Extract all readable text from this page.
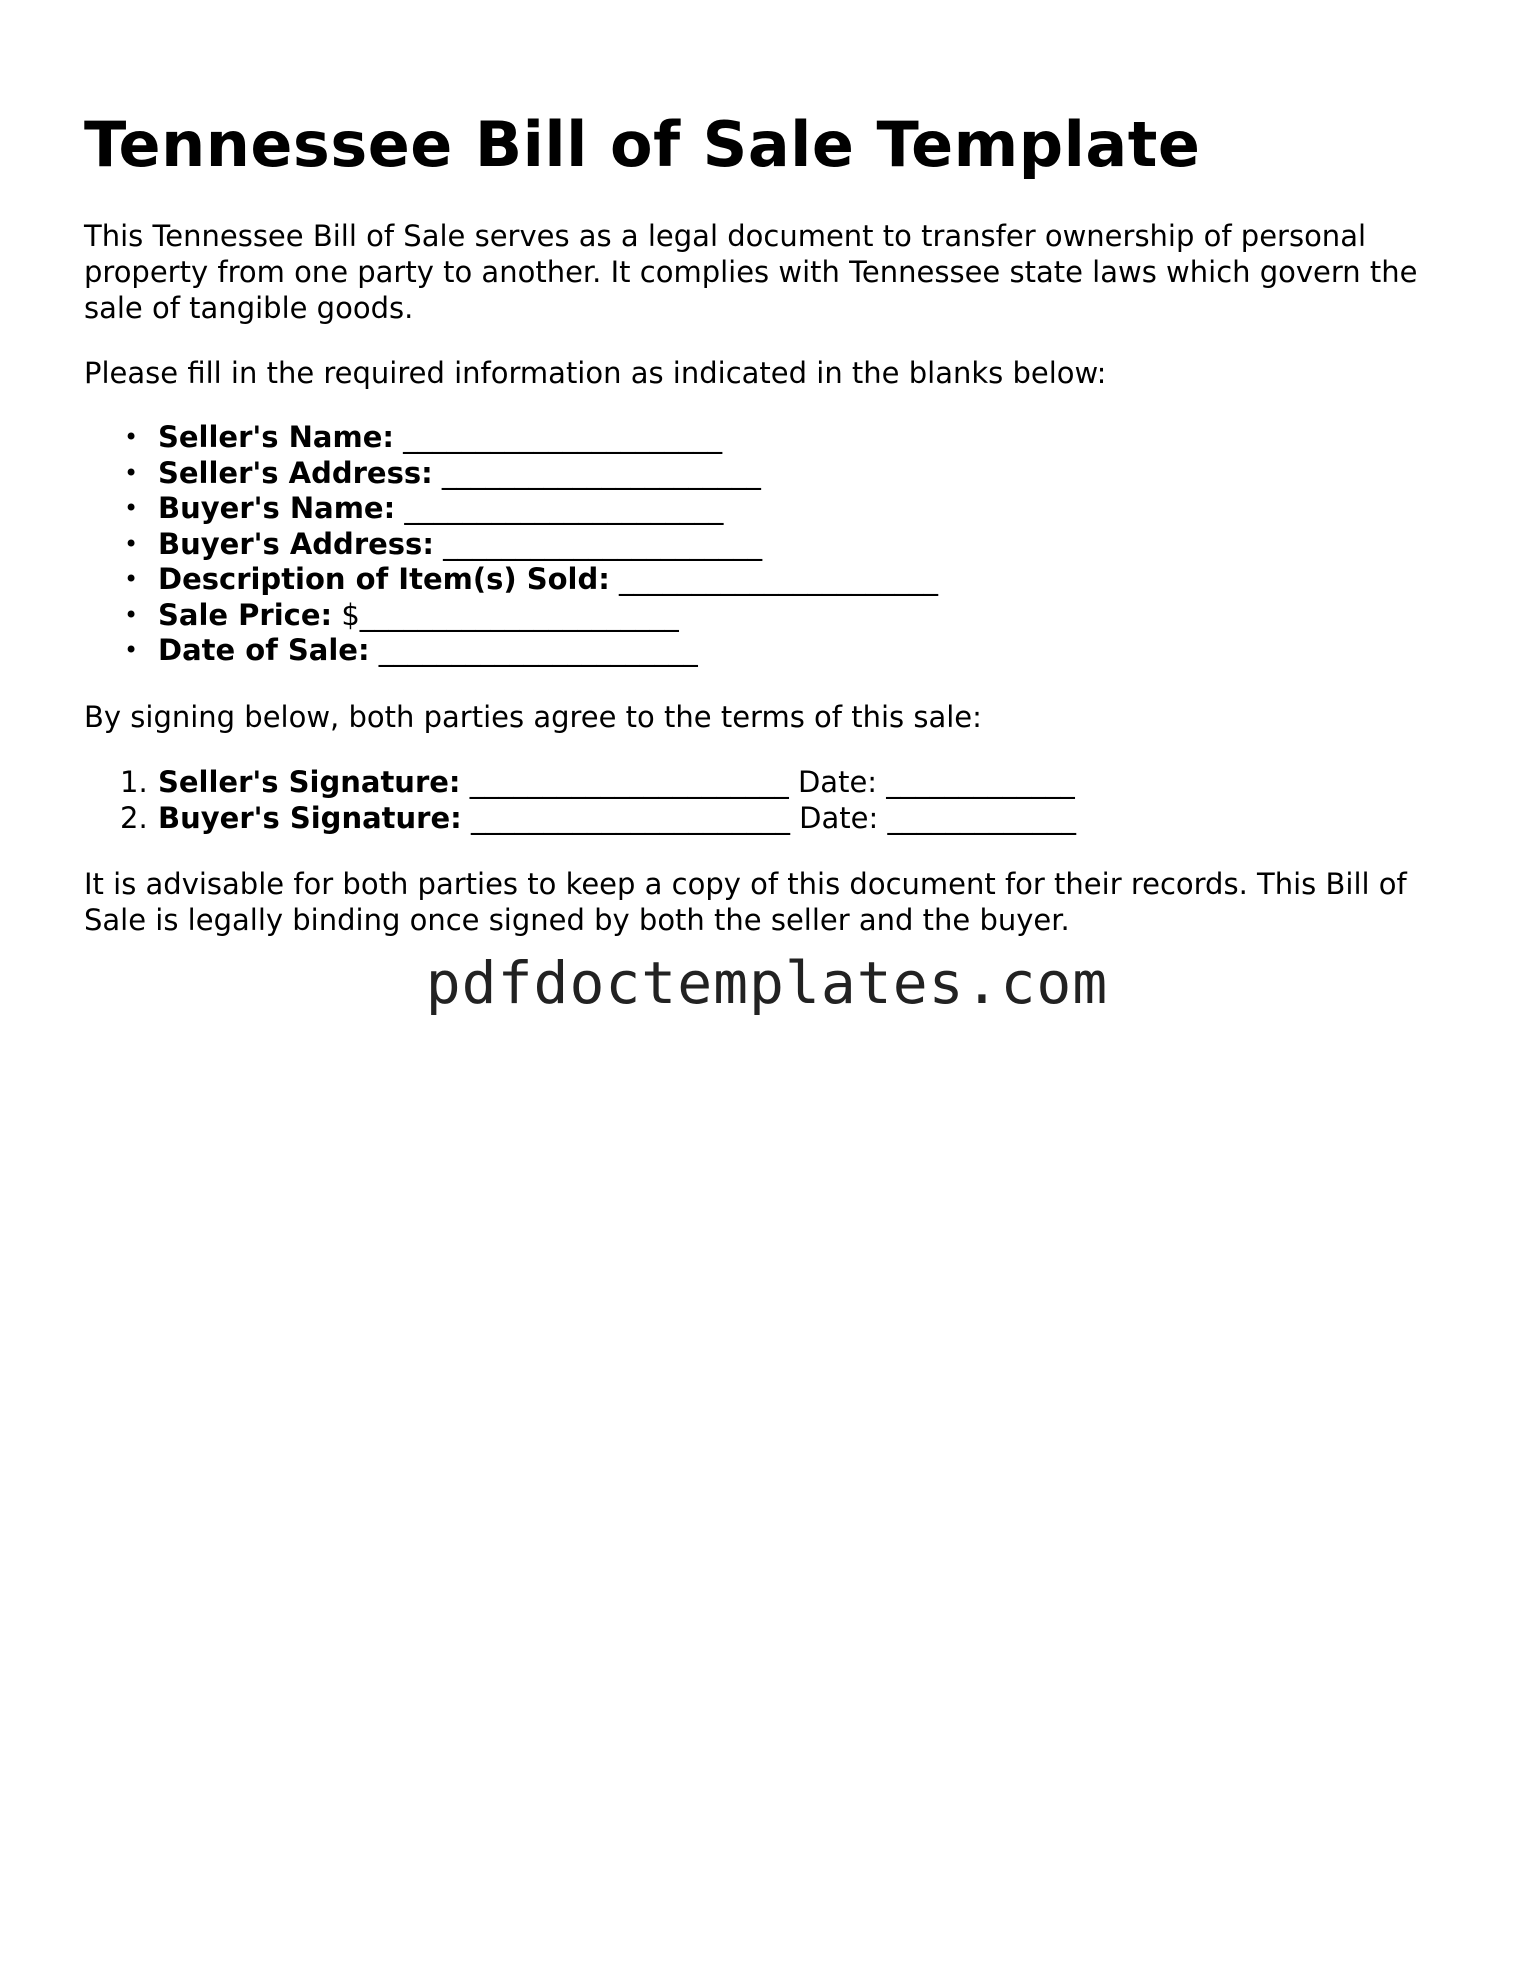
Tennessee Bill of Sale Template

This Tennessee Bill of Sale serves as a legal document to transfer ownership of personal property from one party to another. It complies with Tennessee state laws which govern the sale of tangible goods.

Please fill in the required information as indicated in the blanks below:

• Seller's Name: ______________________
• Seller's Address: ______________________
• Buyer's Name: ______________________
• Buyer's Address: ______________________
• Description of Item(s) Sold: ______________________
• Sale Price: $______________________
• Date of Sale: ______________________

By signing below, both parties agree to the terms of this sale:

1. Seller's Signature: ______________________ Date: _____________
2. Buyer's Signature: ______________________ Date: _____________

It is advisable for both parties to keep a copy of this document for their records. This Bill of Sale is legally binding once signed by both the seller and the buyer.

pdfdoctemplates.com
